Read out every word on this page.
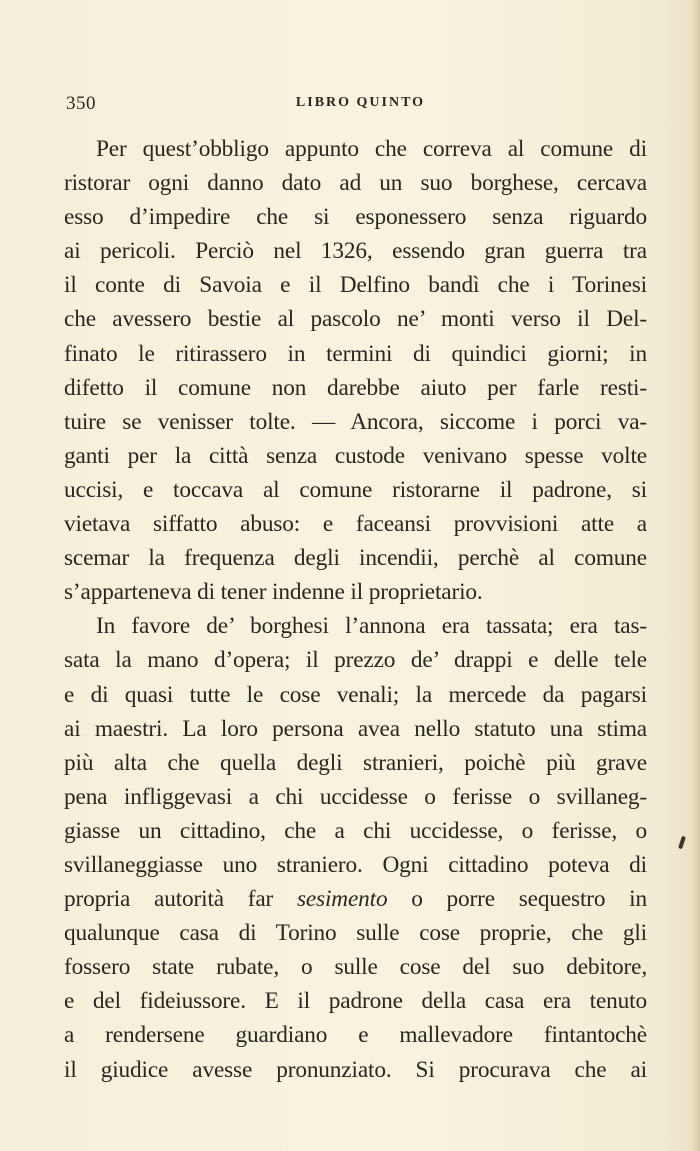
350	LIBRO QUINTO
Per quest’obbligo appunto che correva al comune di
ristorar ogni danno dato ad un suo borghese, cercava
esso d’impedire che si esponessero senza riguardo
ai pericoli. Perciò nel 1326, essendo gran guerra tra
il conte di Savoia e il Delfino bandì che i Torinesi
che avessero bestie al pascolo ne’ monti verso il Del-
finato le ritirassero in termini di quindici giorni; in
difetto il comune non darebbe aiuto per farle resti-
tuire se venisser tolte. — Ancora, siccome i porci va-
ganti per la città senza custode venivano spesse volte
uccisi, e toccava al comune ristorarne il padrone, si
vietava siffatto abuso: e faceansi provvisioni atte a
scemar la frequenza degli incendii, perchè al comune
s’apparteneva di tener indenne il proprietario.
In favore de’ borghesi l’annona era tassata; era tas-
sata la mano d’opera; il prezzo de’ drappi e delle tele
e di quasi tutte le cose venali; la mercede da pagarsi
ai maestri. La loro persona avea nello statuto una stima
più alta che quella degli stranieri, poichè più grave
pena infliggevasi a chi uccidesse o ferisse o svillaneg-
giasse un cittadino, che a chi uccidesse, o ferisse, o
svillaneggiasse uno straniero. Ogni cittadino poteva di
propria autorità far sesimento o porre sequestro in
qualunque casa di Torino sulle cose proprie, che gli
fossero state rubate, o sulle cose del suo debitore,
e del fideiussore. E il padrone della casa era tenuto
a rendersene guardiano e mallevadore fintantochè
il giudice avesse pronunziato. Si procurava che ai
